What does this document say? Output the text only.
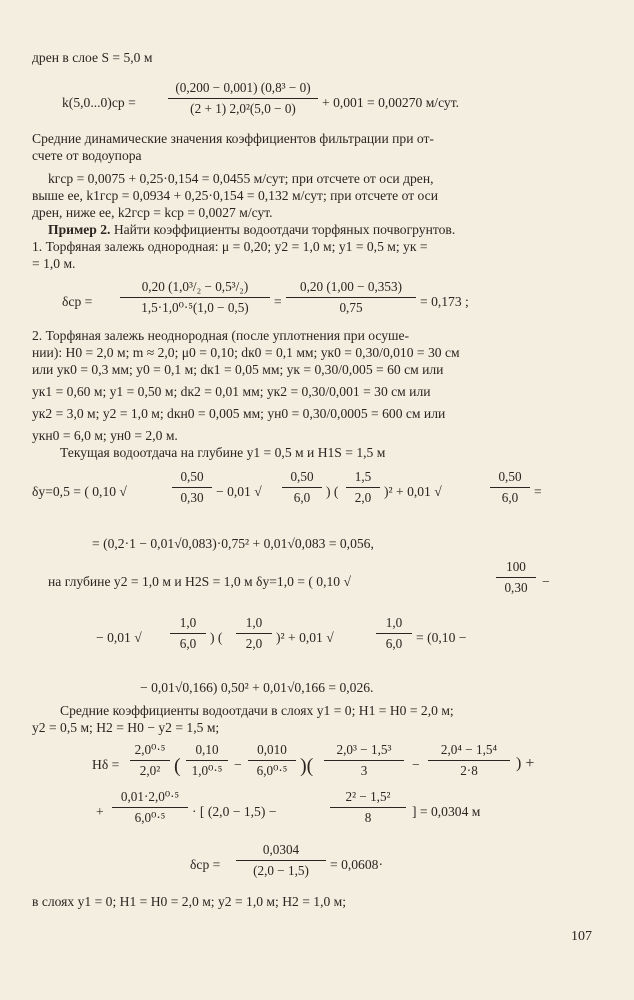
дрен в слое S = 5,0 м
k(5,0...0)ср =
(0,200 − 0,001) (0,8³ − 0)
(2 + 1) 2,0²(5,0 − 0)	+ 0,001 = 0,00270 м/сут.
Средние динамические значения коэффициентов фильтрации при от-
счете от водоупора
kгср = 0,0075 + 0,25·0,154 = 0,0455 м/сут; при отсчете от оси дрен,
выше ее, k1гср = 0,0934 + 0,25·0,154 = 0,132 м/сут; при отсчете от оси
дрен, ниже ее, k2гср = kср = 0,0027 м/сут.
Пример 2. Найти коэффициенты водоотдачи торфяных почвогрунтов.
1. Торфяная залежь однородная: μ = 0,20; y2 = 1,0 м; y1 = 0,5 м; yк =
= 1,0 м.
δср =
0,20 (1,0³/₂ − 0,5³/₂)
1,5·1,0⁰·⁵(1,0 − 0,5)	=
0,20 (1,00 − 0,353)
0,75	= 0,173 ;
2. Торфяная залежь неоднородная (после уплотнения при осуше-
нии): H0 = 2,0 м; m ≈ 2,0; μ0 = 0,10; dк0 = 0,1 мм; yк0 = 0,30/0,010 = 30 см
или yк0 = 0,3 мм; y0 = 0,1 м; dк1 = 0,05 мм; yк = 0,30/0,005 = 60 см или
yк1 = 0,60 м; y1 = 0,50 м; dк2 = 0,01 мм; yк2 = 0,30/0,001 = 30 см или
yк2 = 3,0 м; y2 = 1,0 м; dкн0 = 0,005 мм; yн0 = 0,30/0,0005 = 600 см или
yкн0 = 6,0 м; yн0 = 2,0 м.
Текущая водоотдача на глубине y1 = 0,5 м и H1S = 1,5 м
δy=0,5 = ( 0,10 √
0,50
0,30 − 0,01 √
0,50
6,0	) (
1,5
2,0 )² + 0,01 √
0,50
6,0	=
= (0,2·1 − 0,01√0,083)·0,75² + 0,01√0,083 = 0,056,
на глубине y2 = 1,0 м и H2S = 1,0 м δy=1,0 = ( 0,10 √
100
0,30	−
− 0,01 √
1,0
6,0	) (
1,0
2,0	)² + 0,01 √
1,0
6,0	= (0,10 −
− 0,01√0,166) 0,50² + 0,01√0,166 = 0,026.
Средние коэффициенты водоотдачи в слоях y1 = 0; H1 = H0 = 2,0 м;
y2 = 0,5 м; H2 = H0 − y2 = 1,5 м;
Hδ =
2,0⁰·⁵
2,0² (
0,10
1,0⁰·⁵ −
0,010
6,0⁰·⁵ )(
2,0³ − 1,5³
3	−
2,0⁴ − 1,5⁴
2·8	) +
+
0,01·2,0⁰·⁵
6,0⁰·⁵	· [ (2,0 − 1,5) −
2² − 1,5²
8	] = 0,0304 м
δср =
0,0304
(2,0 − 1,5)	= 0,0608·
в слоях y1 = 0; H1 = H0 = 2,0 м; y2 = 1,0 м; H2 = 1,0 м;
107
